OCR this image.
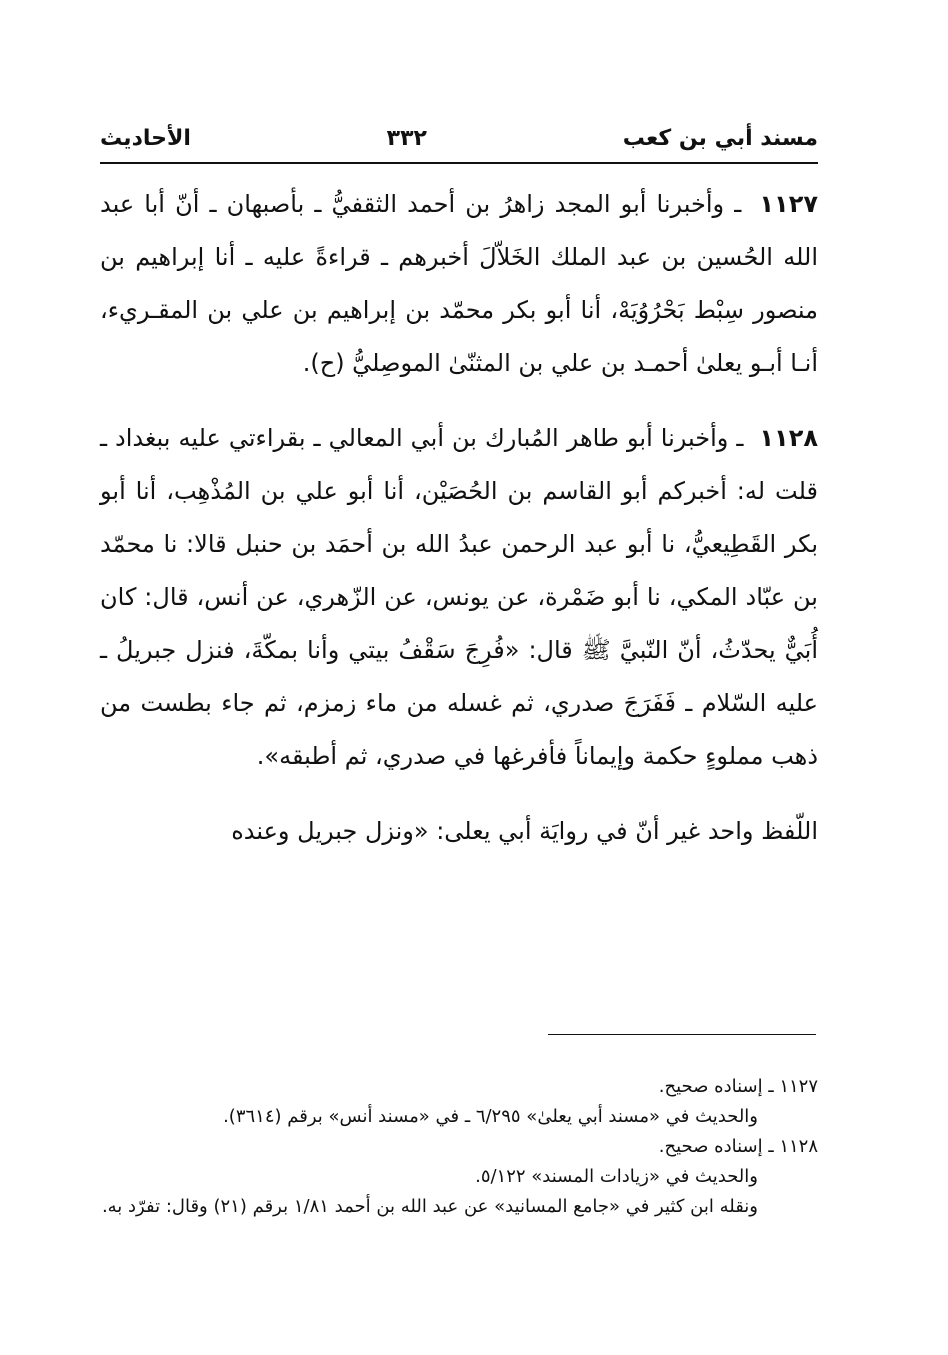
مسند أبي بن كعب
٣٣٢
الأحاديث

١١٢٧ ـ وأخبرنا أبو المجد زاهرُ بن أحمد الثقفيُّ ـ بأصبهان ـ أنّ أبا عبد الله الحُسين بن عبد الملك الخَلاّلَ أخبرهم ـ قراءةً عليه ـ أنا إبراهيم بن منصور سِبْط بَحْرُوُيَهْ، أنا أبو بكر محمّد بن إبراهيم بن علي بن المقـريء، أنـا أبـو يعلىٰ أحمـد بن علي بن المثنّىٰ الموصِليُّ (ح).

١١٢٨ ـ وأخبرنا أبو طاهر المُبارك بن أبي المعالي ـ بقراءتي عليه ببغداد ـ قلت له: أخبركم أبو القاسم بن الحُصَيْن، أنا أبو علي بن المُذْهِب، أنا أبو بكر القَطِيعيُّ، نا أبو عبد الرحمن عبدُ الله بن أحمَد بن حنبل قالا: نا محمّد بن عبّاد المكي، نا أبو ضَمْرة، عن يونس، عن الزّهري، عن أنس، قال: كان أُبَيٌّ يحدّثُ، أنّ النّبيَّ ﷺ قال: «فُرِجَ سَقْفُ بيتي وأنا بمكّةَ، فنزل جبريلُ ـ عليه السّلام ـ فَفَرَجَ صدري، ثم غسله من ماء زمزم، ثم جاء بطست من ذهب مملوءٍ حكمة وإيماناً فأفرغها في صدري، ثم أطبقه».

اللّفظ واحد غير أنّ في روايَة أبي يعلى: «ونزل جبريل وعنده

١١٢٧ ـ إسناده صحيح.
والحديث في «مسند أبي يعلىٰ» ٦/٢٩٥ ـ في «مسند أنس» برقم (٣٦١٤).
١١٢٨ ـ إسناده صحيح.
والحديث في «زيادات المسند» ٥/١٢٢.
ونقله ابن كثير في «جامع المسانيد» عن عبد الله بن أحمد ١/٨١ برقم (٢١) وقال: تفرّد به.
